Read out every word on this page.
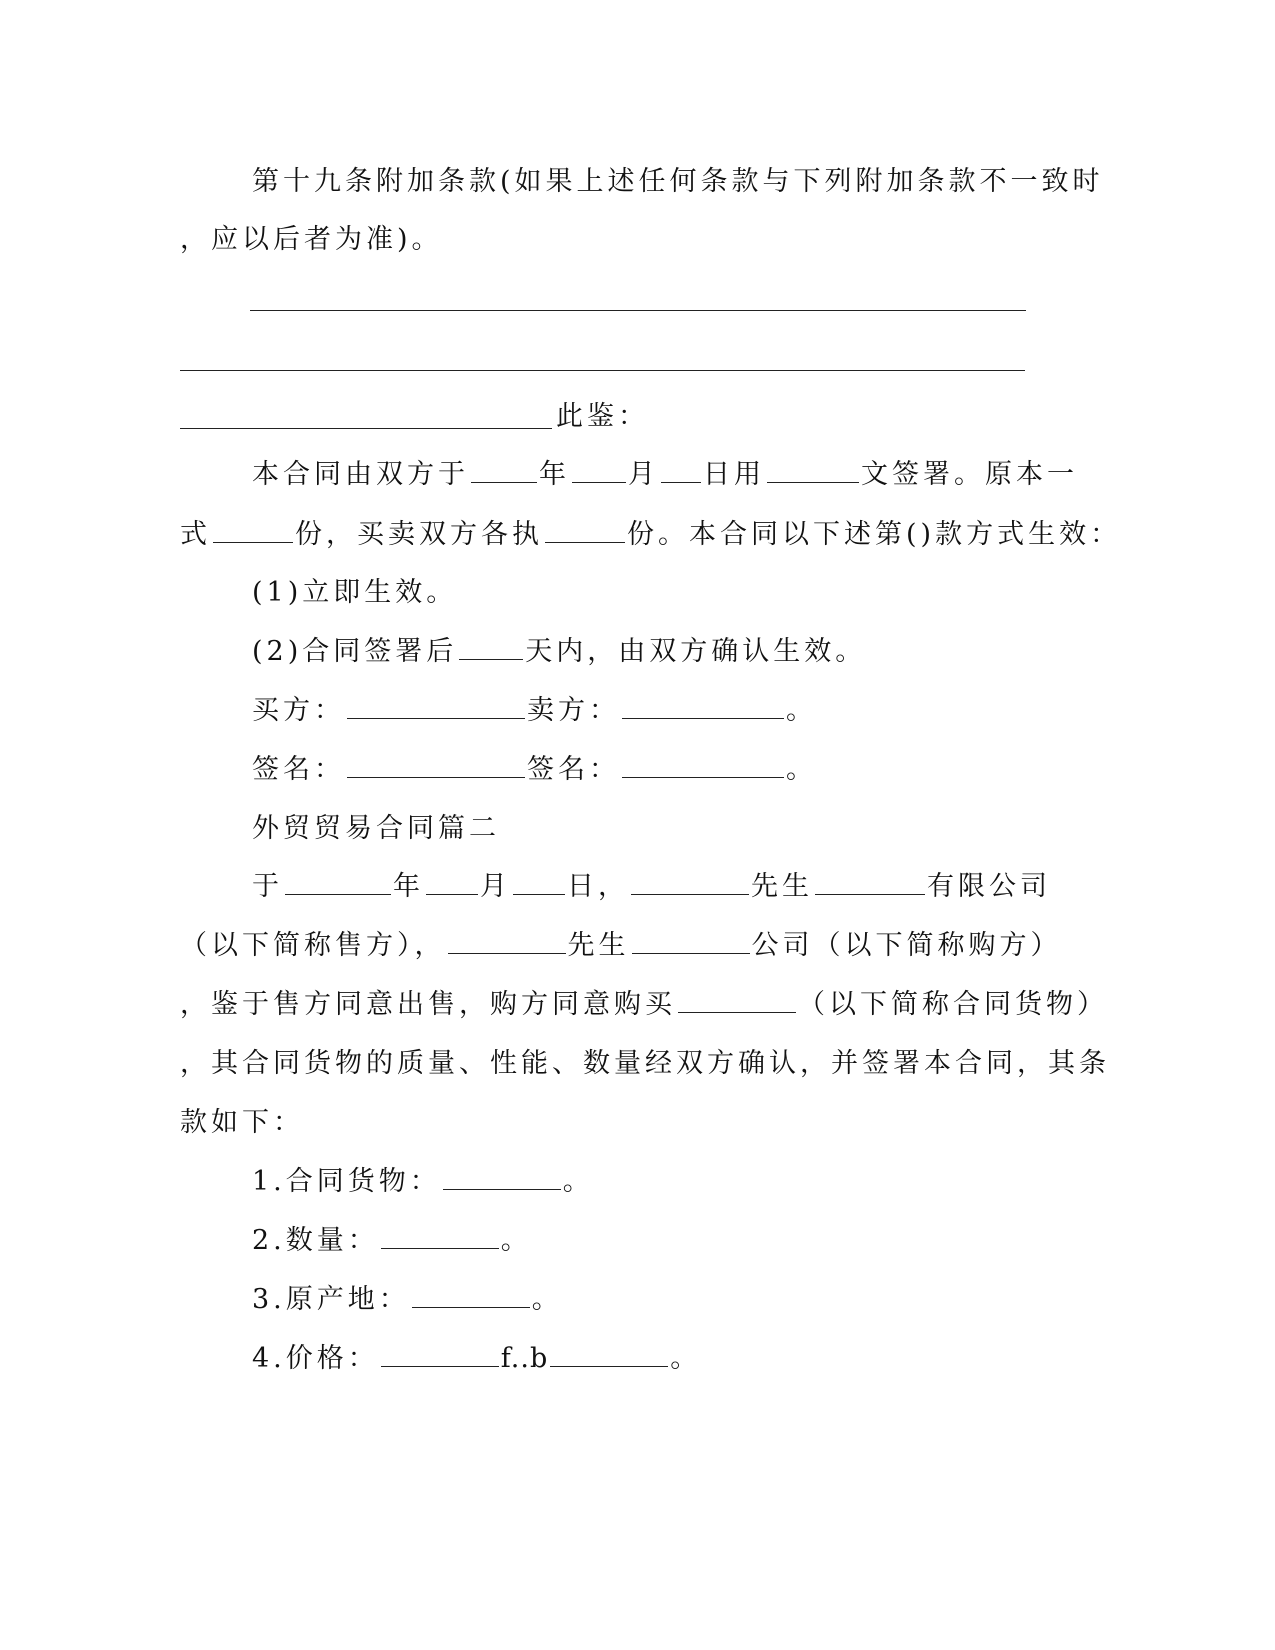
第十九条附加条款(如果上述任何条款与下列附加条款不一致时
，应以后者为准)。
此鉴：
本合同由双方于	年 月 日用	文签署。原本一
式	份，买卖双方各执	份。本合同以下述第()款方式生效：
(1)立即生效。
(2)合同签署后	天内，由双方确认生效。
买方：	卖方：	。
签名：	签名：	。
外贸贸易合同篇二
于	年 月 日，	先生	有限公司
（以下简称售方），	先生	公司（以下简称购方）
，鉴于售方同意出售，购方同意购买	（以下简称合同货物）
，其合同货物的质量、性能、数量经双方确认，并签署本合同，其条
款如下：
1.合同货物：	。
2.数量：	。
3.原产地：	。
4.价格：	f..b	。
